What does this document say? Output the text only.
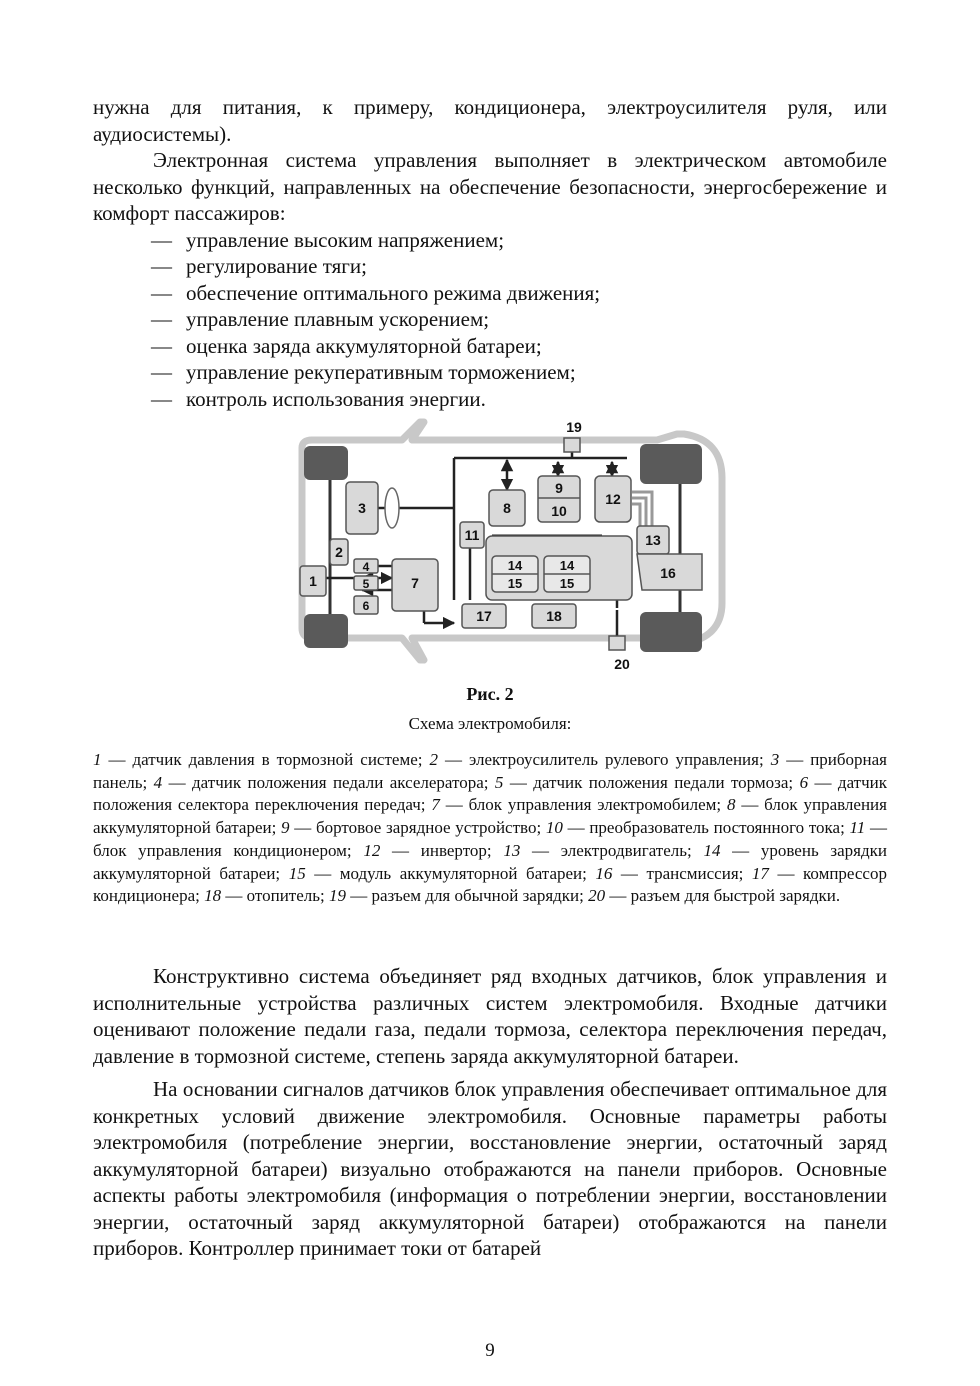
нужна для питания, к примеру, кондиционера, электроусилителя руля, или аудиосистемы).

Электронная система управления выполняет в электрическом автомобиле несколько функций, направленных на обеспечение безопасности, энергосбережение и комфорт пассажиров:

— управление высоким напряжением;
— регулирование тяги;
— обеспечение оптимального режима движения;
— управление плавным ускорением;
— оценка заряда аккумуляторной батареи;
— управление рекуперативным торможением;
— контроль использования энергии.
1
2
3
4
5
6
7
8
9
10
11
12
13
14
15
14
15
16
17	18
19
20
Рис. 2
Схема электромобиля:
1 — датчик давления в тормозной системе; 2 — электроусилитель рулевого управления; 3 — приборная панель; 4 — датчик положения педали акселератора; 5 — датчик положения педали тормоза; 6 — датчик положения селектора переключения передач; 7 — блок управления электромобилем; 8 — блок управления аккумуляторной батареи; 9 — бортовое зарядное устройство; 10 — преобразователь постоянного тока; 11 — блок управления кондиционером; 12 — инвертор; 13 — электродвигатель; 14 — уровень зарядки аккумуляторной батареи; 15 — модуль аккумуляторной батареи; 16 — трансмиссия; 17 — компрессор кондиционера; 18 — отопитель; 19 — разъем для обычной зарядки; 20 — разъем для быстрой зарядки.

Конструктивно система объединяет ряд входных датчиков, блок управления и исполнительные устройства различных систем электромобиля. Входные датчики оценивают положение педали газа, педали тормоза, селектора переключения передач, давление в тормозной системе, степень заряда аккумуляторной батареи.

На основании сигналов датчиков блок управления обеспечивает оптимальное для конкретных условий движение электромобиля. Основные параметры работы электромобиля (потребление энергии, восстановление энергии, остаточный заряд аккумуляторной батареи) визуально отображаются на панели приборов. Основные аспекты работы электромобиля (информация о потреблении энергии, восстановлении энергии, остаточный заряд аккумуляторной батареи) отображаются на панели приборов. Контроллер принимает токи от батарей

9
